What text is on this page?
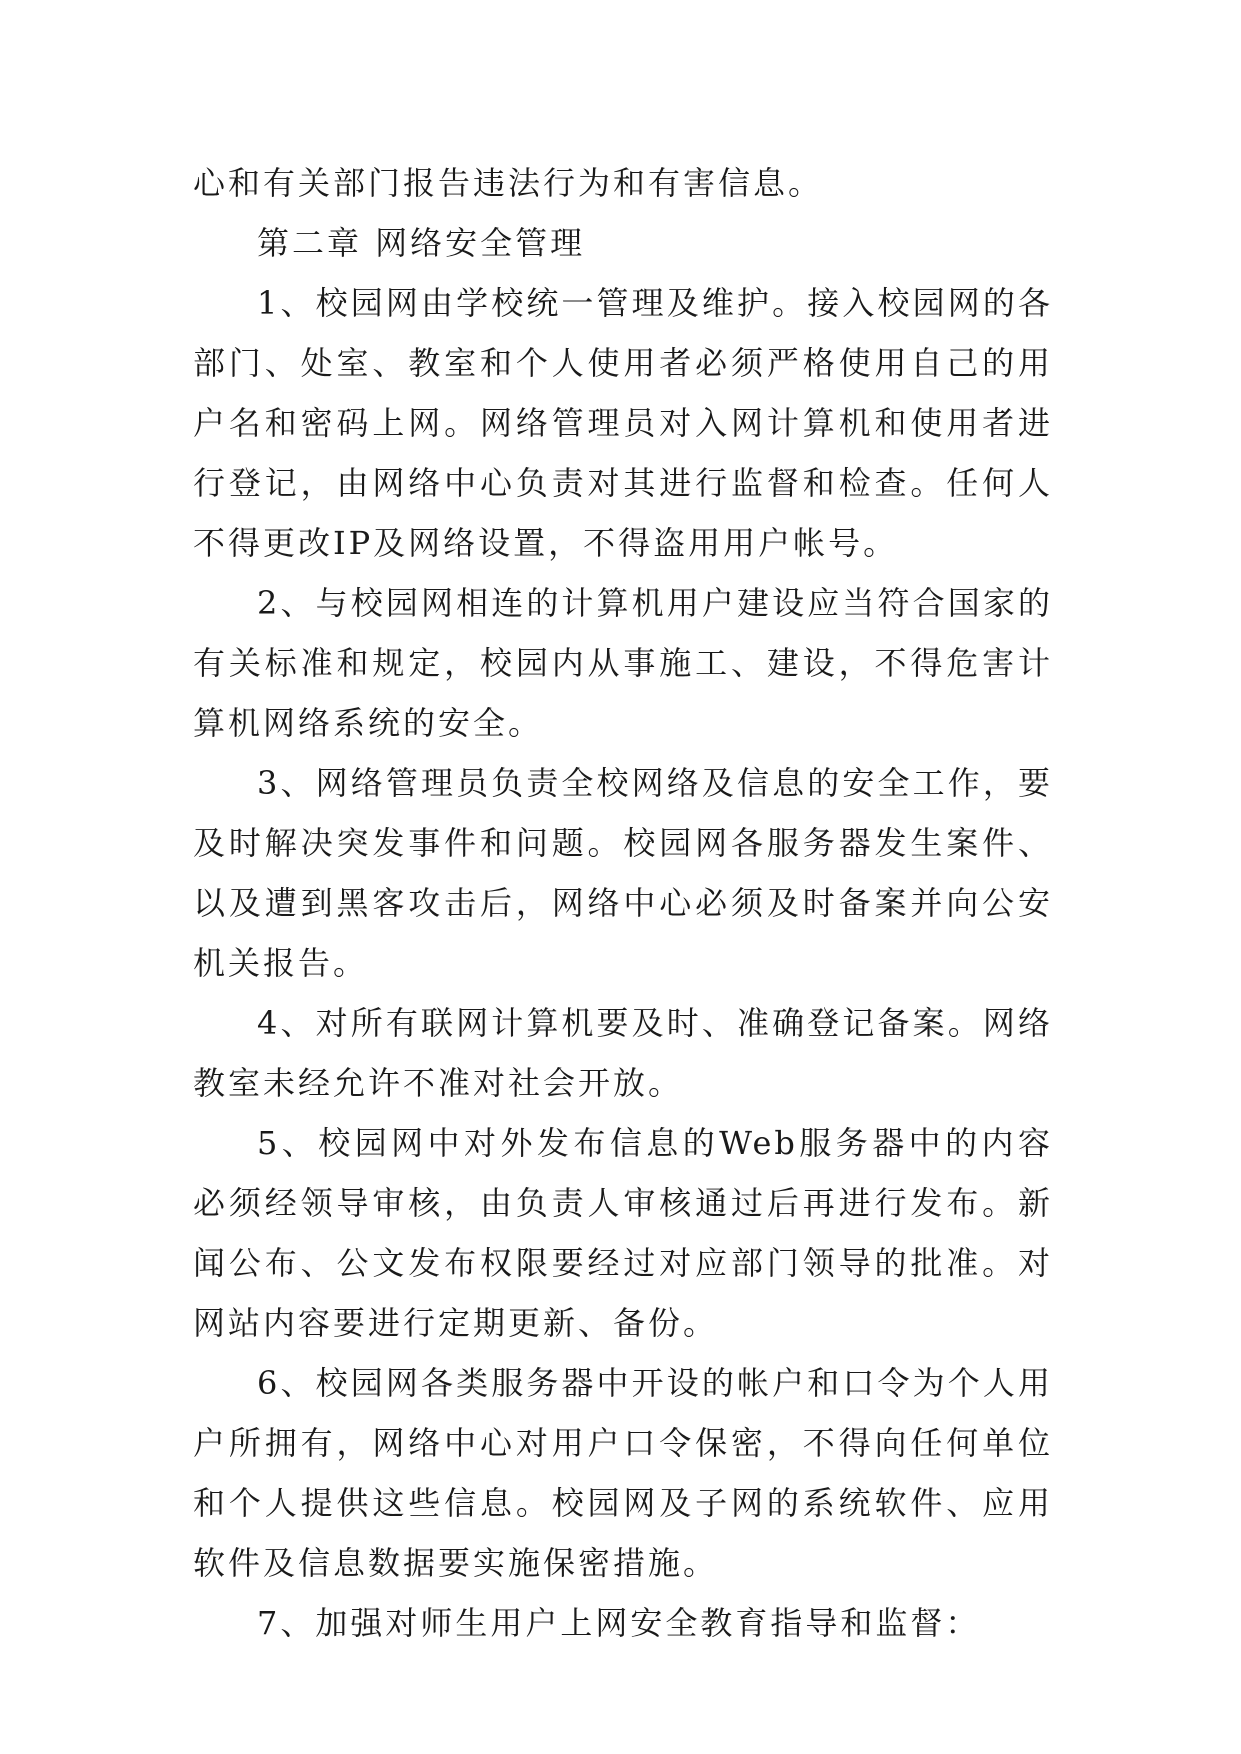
心和有关部门报告违法行为和有害信息。

第二章 网络安全管理

1、校园网由学校统一管理及维护。接入校园网的各部门、处室、教室和个人使用者必须严格使用自己的用户名和密码上网。网络管理员对入网计算机和使用者进行登记，由网络中心负责对其进行监督和检查。任何人不得更改IP及网络设置，不得盗用用户帐号。

2、与校园网相连的计算机用户建设应当符合国家的有关标准和规定，校园内从事施工、建设，不得危害计算机网络系统的安全。

3、网络管理员负责全校网络及信息的安全工作，要及时解决突发事件和问题。校园网各服务器发生案件、以及遭到黑客攻击后，网络中心必须及时备案并向公安机关报告。

4、对所有联网计算机要及时、准确登记备案。网络教室未经允许不准对社会开放。

5、校园网中对外发布信息的Web服务器中的内容必须经领导审核，由负责人审核通过后再进行发布。新闻公布、公文发布权限要经过对应部门领导的批准。对网站内容要进行定期更新、备份。

6、校园网各类服务器中开设的帐户和口令为个人用户所拥有，网络中心对用户口令保密，不得向任何单位和个人提供这些信息。校园网及子网的系统软件、应用软件及信息数据要实施保密措施。

7、加强对师生用户上网安全教育指导和监督：
